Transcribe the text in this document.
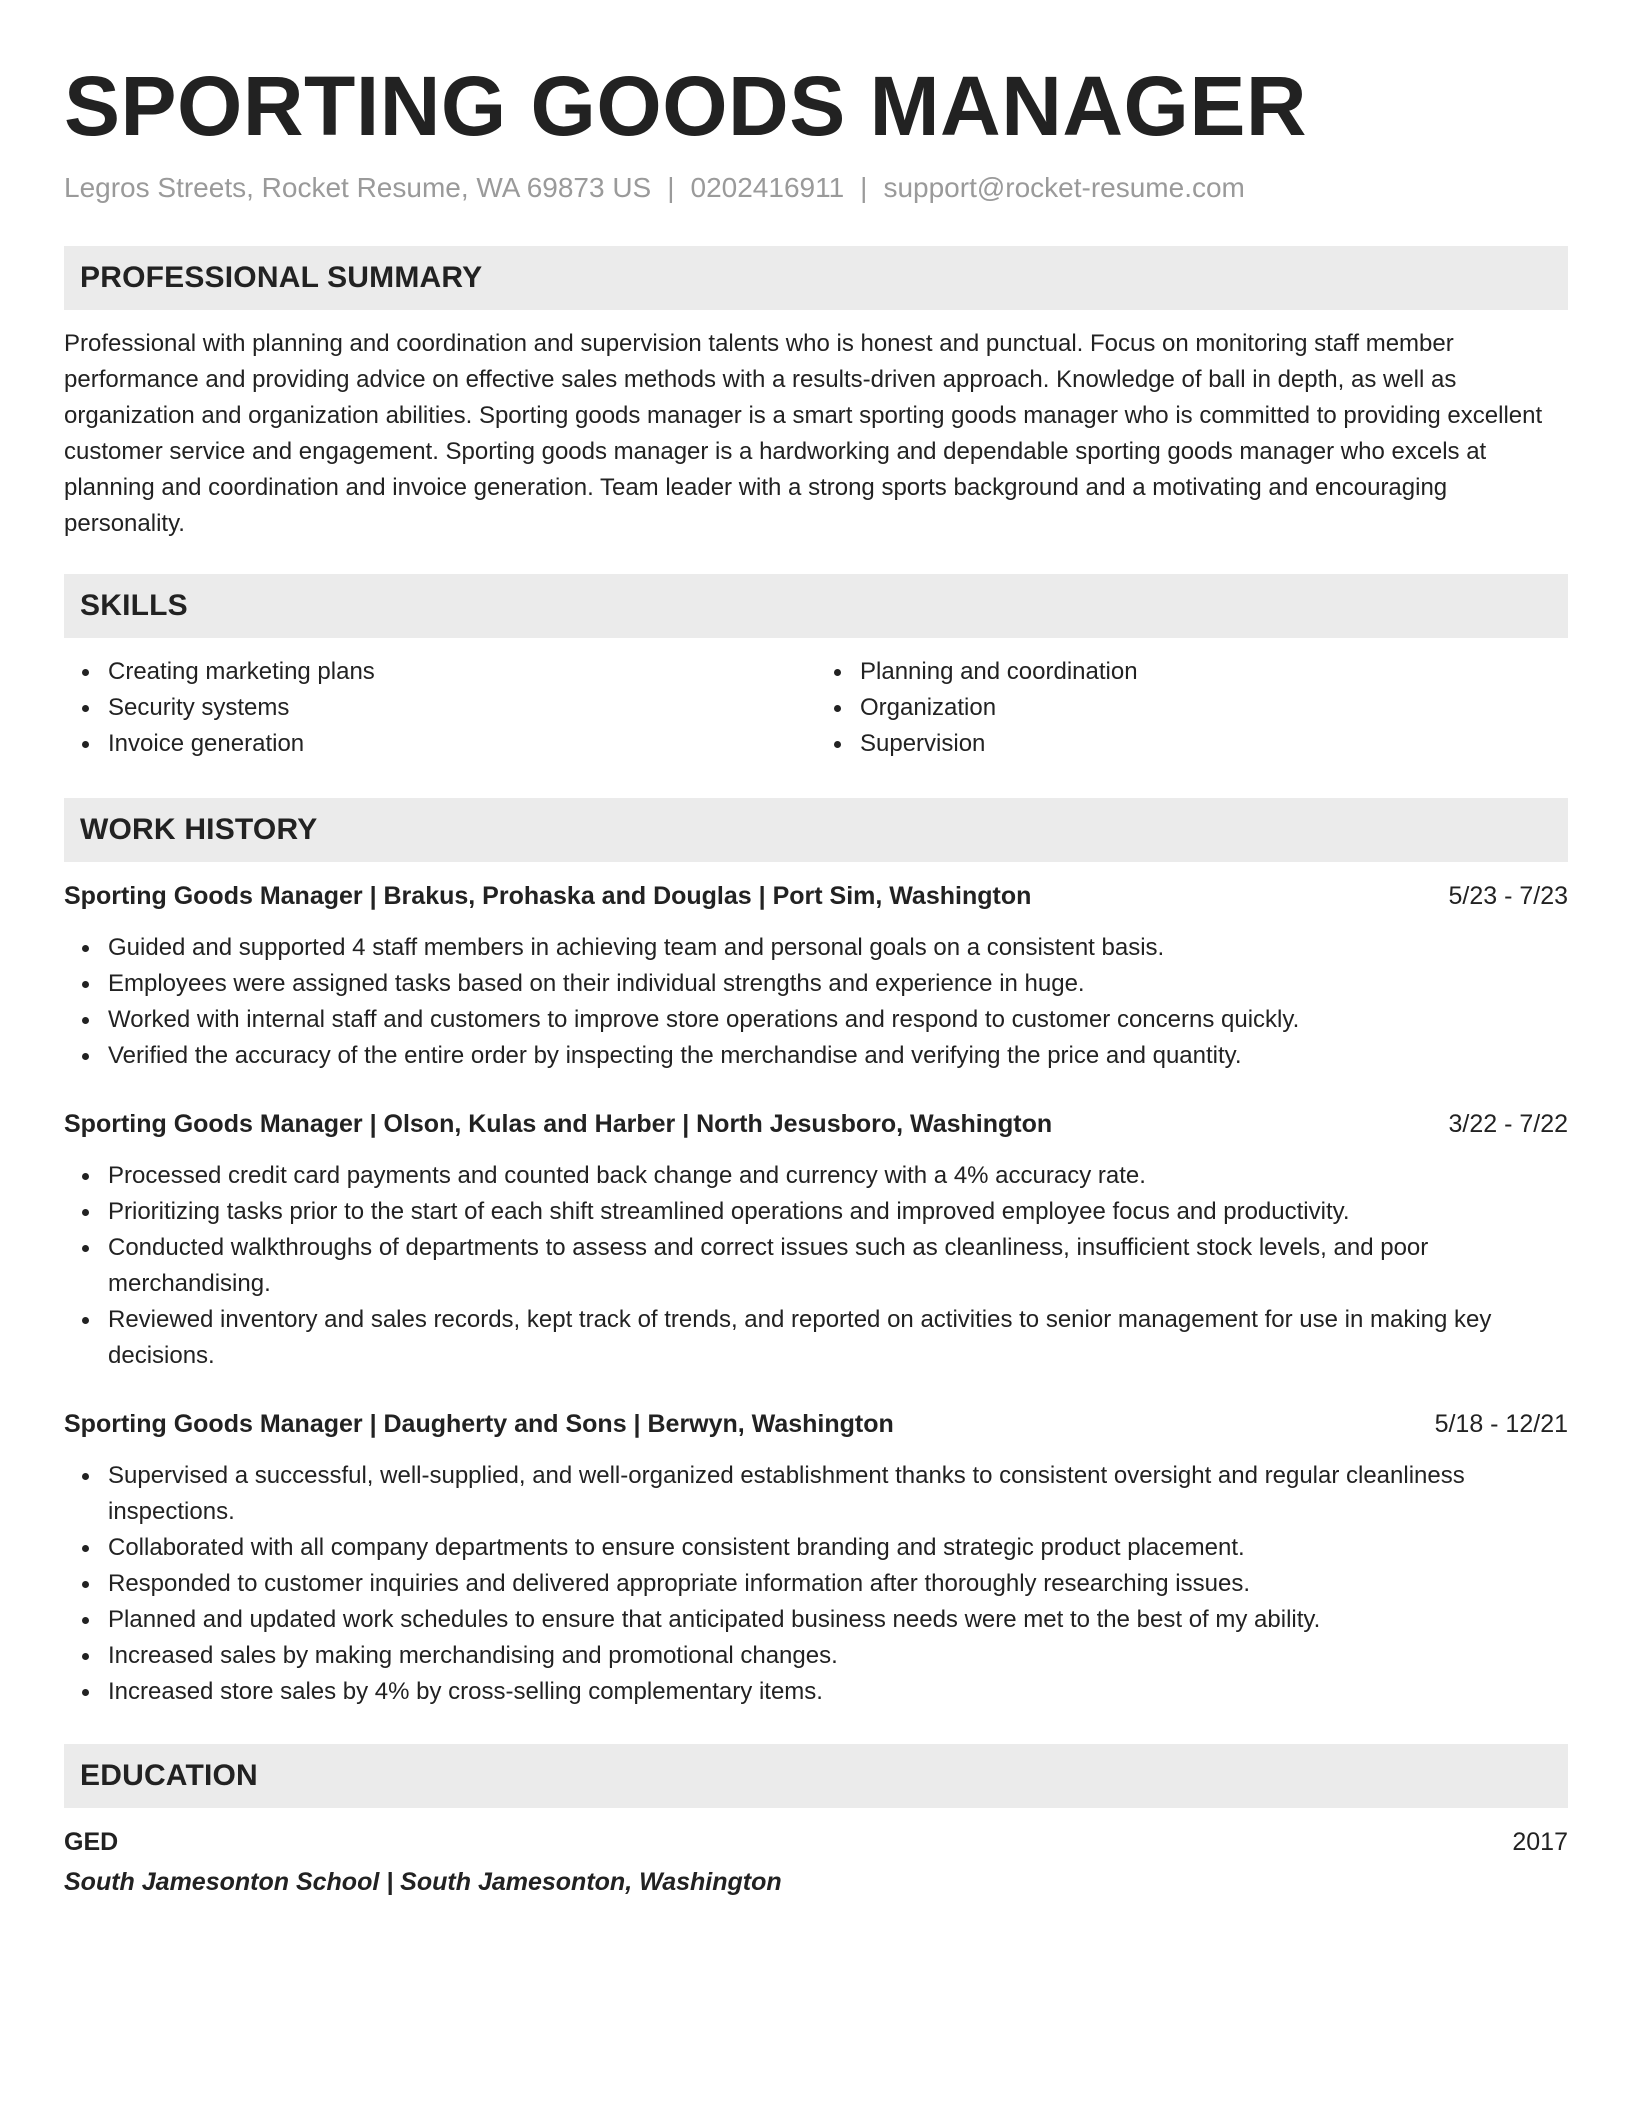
SPORTING GOODS MANAGER
Legros Streets, Rocket Resume, WA 69873 US | 0202416911 | support@rocket-resume.com
PROFESSIONAL SUMMARY

Professional with planning and coordination and supervision talents who is honest and punctual. Focus on monitoring staff member performance and providing advice on effective sales methods with a results-driven approach. Knowledge of ball in depth, as well as organization and organization abilities. Sporting goods manager is a smart sporting goods manager who is committed to providing excellent customer service and engagement. Sporting goods manager is a hardworking and dependable sporting goods manager who excels at planning and coordination and invoice generation. Team leader with a strong sports background and a motivating and encouraging personality.

SKILLS
Creating marketing plans
Security systems
Invoice generation
Planning and coordination
Organization
Supervision
WORK HISTORY
Sporting Goods Manager | Brakus, Prohaska and Douglas | Port Sim, Washington	5/23 - 7/23
Guided and supported 4 staff members in achieving team and personal goals on a consistent basis.
Employees were assigned tasks based on their individual strengths and experience in huge.
Worked with internal staff and customers to improve store operations and respond to customer concerns quickly.
Verified the accuracy of the entire order by inspecting the merchandise and verifying the price and quantity.
Sporting Goods Manager | Olson, Kulas and Harber | North Jesusboro, Washington	3/22 - 7/22
Processed credit card payments and counted back change and currency with a 4% accuracy rate.
Prioritizing tasks prior to the start of each shift streamlined operations and improved employee focus and productivity.
Conducted walkthroughs of departments to assess and correct issues such as cleanliness, insufficient stock levels, and poor merchandising.
Reviewed inventory and sales records, kept track of trends, and reported on activities to senior management for use in making key decisions.
Sporting Goods Manager | Daugherty and Sons | Berwyn, Washington	5/18 - 12/21
Supervised a successful, well-supplied, and well-organized establishment thanks to consistent oversight and regular cleanliness inspections.
Collaborated with all company departments to ensure consistent branding and strategic product placement.
Responded to customer inquiries and delivered appropriate information after thoroughly researching issues.
Planned and updated work schedules to ensure that anticipated business needs were met to the best of my ability.
Increased sales by making merchandising and promotional changes.
Increased store sales by 4% by cross-selling complementary items.
EDUCATION
GED	2017
South Jamesonton School | South Jamesonton, Washington
